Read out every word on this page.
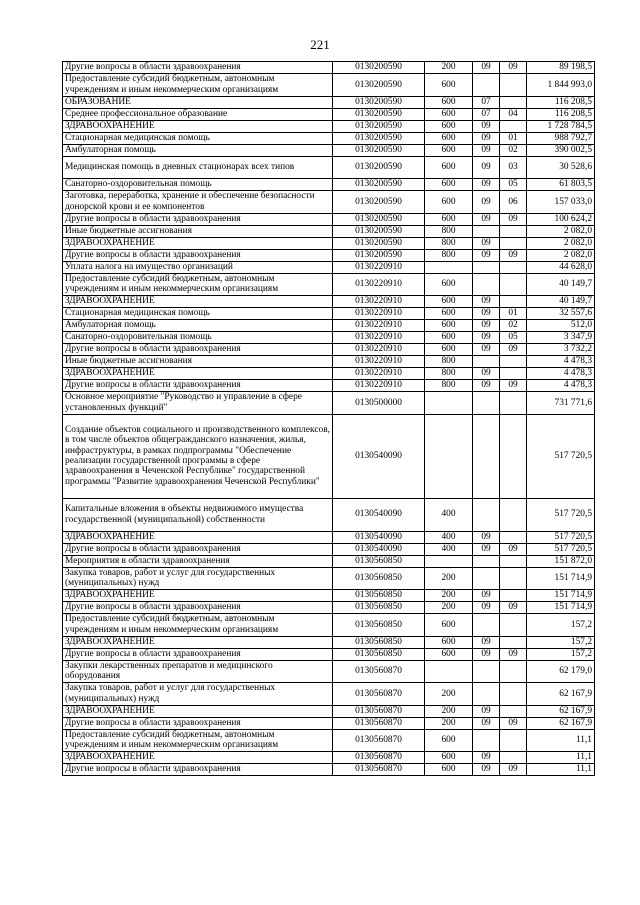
221
Другие вопросы в области здравоохранения	0130200590	200	09	09	89 198,5
Предоставление субсидий бюджетным, автономным учреждениям и иным некоммерческим организациям	0130200590	600			1 844 993,0
ОБРАЗОВАНИЕ	0130200590	600	07		116 208,5
Среднее профессиональное образование	0130200590	600	07	04	116 208,5
ЗДРАВООХРАНЕНИЕ	0130200590	600	09		1 728 784,5
Стационарная медицинская помощь	0130200590	600	09	01	988 792,7
Амбулаторная помощь	0130200590	600	09	02	390 002,5
Медицинская помощь в дневных стационарах всех типов	0130200590	600	09	03	30 528,6
Санаторно-оздоровительная помощь	0130200590	600	09	05	61 803,5
Заготовка, переработка, хранение и обеспечение безопасности донорской крови и ее компонентов	0130200590	600	09	06	157 033,0
Другие вопросы в области здравоохранения	0130200590	600	09	09	100 624,2
Иные бюджетные ассигнования	0130200590	800			2 082,0
ЗДРАВООХРАНЕНИЕ	0130200590	800	09		2 082,0
Другие вопросы в области здравоохранения	0130200590	800	09	09	2 082,0
Уплата налога на имущество организаций	0130220910				44 628,0
Предоставление субсидий бюджетным, автономным учреждениям и иным некоммерческим организациям	0130220910	600			40 149,7
ЗДРАВООХРАНЕНИЕ	0130220910	600	09		40 149,7
Стационарная медицинская помощь	0130220910	600	09	01	32 557,6
Амбулаторная помощь	0130220910	600	09	02	512,0
Санаторно-оздоровительная помощь	0130220910	600	09	05	3 347,9
Другие вопросы в области здравоохранения	0130220910	600	09	09	3 732,2
Иные бюджетные ассигнования	0130220910	800			4 478,3
ЗДРАВООХРАНЕНИЕ	0130220910	800	09		4 478,3
Другие вопросы в области здравоохранения	0130220910	800	09	09	4 478,3
Основное мероприятие "Руководство и управление в сфере установленных функций"	0130500000				731 771,6
Создание объектов социального и производственного комплексов, в том числе объектов общегражданского назначения, жилья, инфраструктуры, в рамках подпрограммы "Обеспечение реализации государственной программы в сфере здравоохранения в Чеченской Республике" государственной программы "Развитие здравоохранения Чеченской Республики"	0130540090				517 720,5
Капитальные вложения в объекты недвижимого имущества государственной (муниципальной) собственности	0130540090	400			517 720,5
ЗДРАВООХРАНЕНИЕ	0130540090	400	09		517 720,5
Другие вопросы в области здравоохранения	0130540090	400	09	09	517 720,5
Мероприятия в области здравоохранения	0130560850				151 872,0
Закупка товаров, работ и услуг для государственных (муниципальных) нужд	0130560850	200			151 714,9
ЗДРАВООХРАНЕНИЕ	0130560850	200	09		151 714,9
Другие вопросы в области здравоохранения	0130560850	200	09	09	151 714,9
Предоставление субсидий бюджетным, автономным учреждениям и иным некоммерческим организациям	0130560850	600			157,2
ЗДРАВООХРАНЕНИЕ	0130560850	600	09		157,2
Другие вопросы в области здравоохранения	0130560850	600	09	09	157,2
Закупки лекарственных препаратов и медицинского оборудования	0130560870				62 179,0
Закупка товаров, работ и услуг для государственных (муниципальных) нужд	0130560870	200			62 167,9
ЗДРАВООХРАНЕНИЕ	0130560870	200	09		62 167,9
Другие вопросы в области здравоохранения	0130560870	200	09	09	62 167,9
Предоставление субсидий бюджетным, автономным учреждениям и иным некоммерческим организациям	0130560870	600			11,1
ЗДРАВООХРАНЕНИЕ	0130560870	600	09		11,1
Другие вопросы в области здравоохранения	0130560870	600	09	09	11,1
